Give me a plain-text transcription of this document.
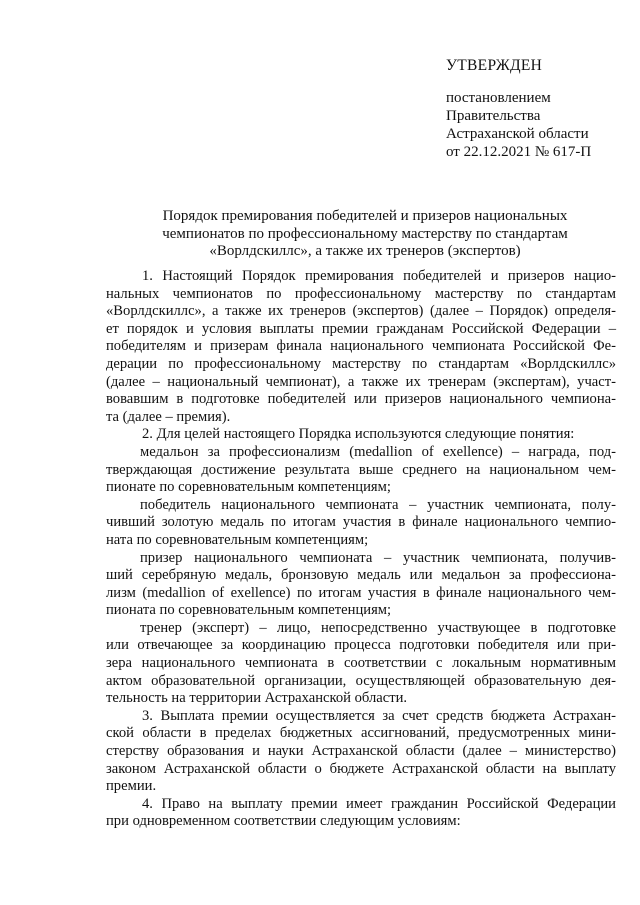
УТВЕРЖДЕН
постановлением
Правительства
Астраханской области
от 22.12.2021 № 617-П
Порядок премирования победителей и призеров национальных
чемпионатов по профессиональному мастерству по стандартам
«Ворлдскиллс», а также их тренеров (экспертов)
1. Настоящий Порядок премирования победителей и призеров нацио-
нальных чемпионатов по профессиональному мастерству по стандартам
«Ворлдскиллс», а также их тренеров (экспертов) (далее – Порядок) определя-
ет порядок и условия выплаты премии гражданам Российской Федерации –
победителям и призерам финала национального чемпионата Российской Фе-
дерации по профессиональному мастерству по стандартам «Ворлдскиллс»
(далее – национальный чемпионат), а также их тренерам (экспертам), участ-
вовавшим в подготовке победителей или призеров национального чемпиона-
та (далее – премия).
2. Для целей настоящего Порядка используются следующие понятия:
медальон за профессионализм (medallion of exellence) – награда, под-
тверждающая достижение результата выше среднего на национальном чем-
пионате по соревновательным компетенциям;
победитель национального чемпионата – участник чемпионата, полу-
чивший золотую медаль по итогам участия в финале национального чемпио-
ната по соревновательным компетенциям;
призер национального чемпионата – участник чемпионата, получив-
ший серебряную медаль, бронзовую медаль или медальон за профессиона-
лизм (medallion of exellence) по итогам участия в финале национального чем-
пионата по соревновательным компетенциям;
тренер (эксперт) – лицо, непосредственно участвующее в подготовке
или отвечающее за координацию процесса подготовки победителя или при-
зера национального чемпионата в соответствии с локальным нормативным
актом образовательной организации, осуществляющей образовательную дея-
тельность на территории Астраханской области.
3. Выплата премии осуществляется за счет средств бюджета Астрахан-
ской области в пределах бюджетных ассигнований, предусмотренных мини-
стерству образования и науки Астраханской области (далее – министерство)
законом Астраханской области о бюджете Астраханской области на выплату
премии.
4. Право на выплату премии имеет гражданин Российской Федерации
при одновременном соответствии следующим условиям:
